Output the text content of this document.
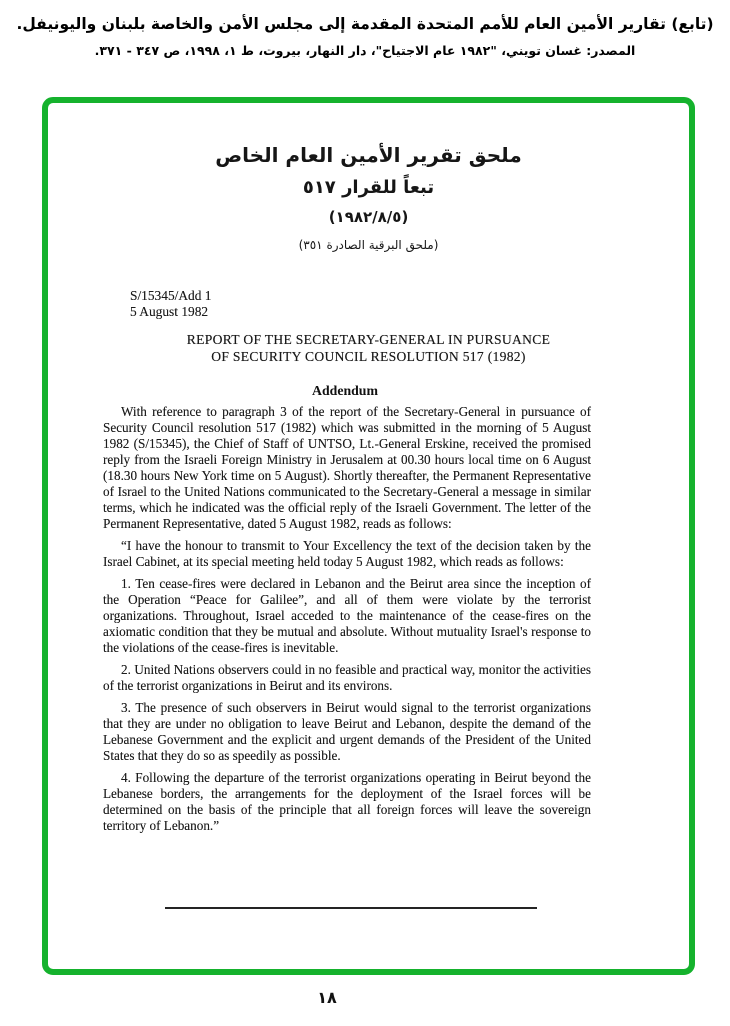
(تابع) تقارير الأمين العام للأمم المتحدة المقدمة إلى مجلس الأمن والخاصة بلبنان واليونيفل.
المصدر: غسان تويني، "١٩٨٢ عام الاجتياح"، دار النهار، بيروت، ط ١، ١٩٩٨، ص ٣٤٧ - ٣٧١.
ملحق تقرير الأمين العام الخاص
تبعاً للقرار ٥١٧
(١٩٨٢/٨/٥)
(ملحق البرقية الصادرة ٣٥١)
S/15345/Add 1
5 August 1982
REPORT OF THE SECRETARY-GENERAL IN PURSUANCE
OF SECURITY COUNCIL RESOLUTION 517 (1982)
Addendum

With reference to paragraph 3 of the report of the Secretary-General in pursuance of Security Council resolution 517 (1982) which was submitted in the morning of 5 August 1982 (S/15345), the Chief of Staff of UNTSO, Lt.-General Erskine, received the promised reply from the Israeli Foreign Ministry in Jerusalem at 00.30 hours local time on 6 August (18.30 hours New York time on 5 August). Shortly thereafter, the Permanent Representative of Israel to the United Nations communicated to the Secretary-General a message in similar terms, which he indicated was the official reply of the Israeli Government. The letter of the Permanent Representative, dated 5 August 1982, reads as follows:

“I have the honour to transmit to Your Excellency the text of the decision taken by the Israel Cabinet, at its special meeting held today 5 August 1982, which reads as follows:

1. Ten cease-fires were declared in Lebanon and the Beirut area since the inception of the Operation “Peace for Galilee”, and all of them were violate by the terrorist organizations. Throughout, Israel acceded to the maintenance of the cease-fires on the axiomatic condition that they be mutual and absolute. Without mutuality Israel's response to the violations of the cease-fires is inevitable.

2. United Nations observers could in no feasible and practical way, monitor the activities of the terrorist organizations in Beirut and its environs.

3. The presence of such observers in Beirut would signal to the terrorist organizations that they are under no obligation to leave Beirut and Lebanon, despite the demand of the Lebanese Government and the explicit and urgent demands of the President of the United States that they do so as speedily as possible.

4. Following the departure of the terrorist organizations operating in Beirut beyond the Lebanese borders, the arrangements for the deployment of the Israel forces will be determined on the basis of the principle that all foreign forces will leave the sovereign territory of Lebanon.”

١٨
